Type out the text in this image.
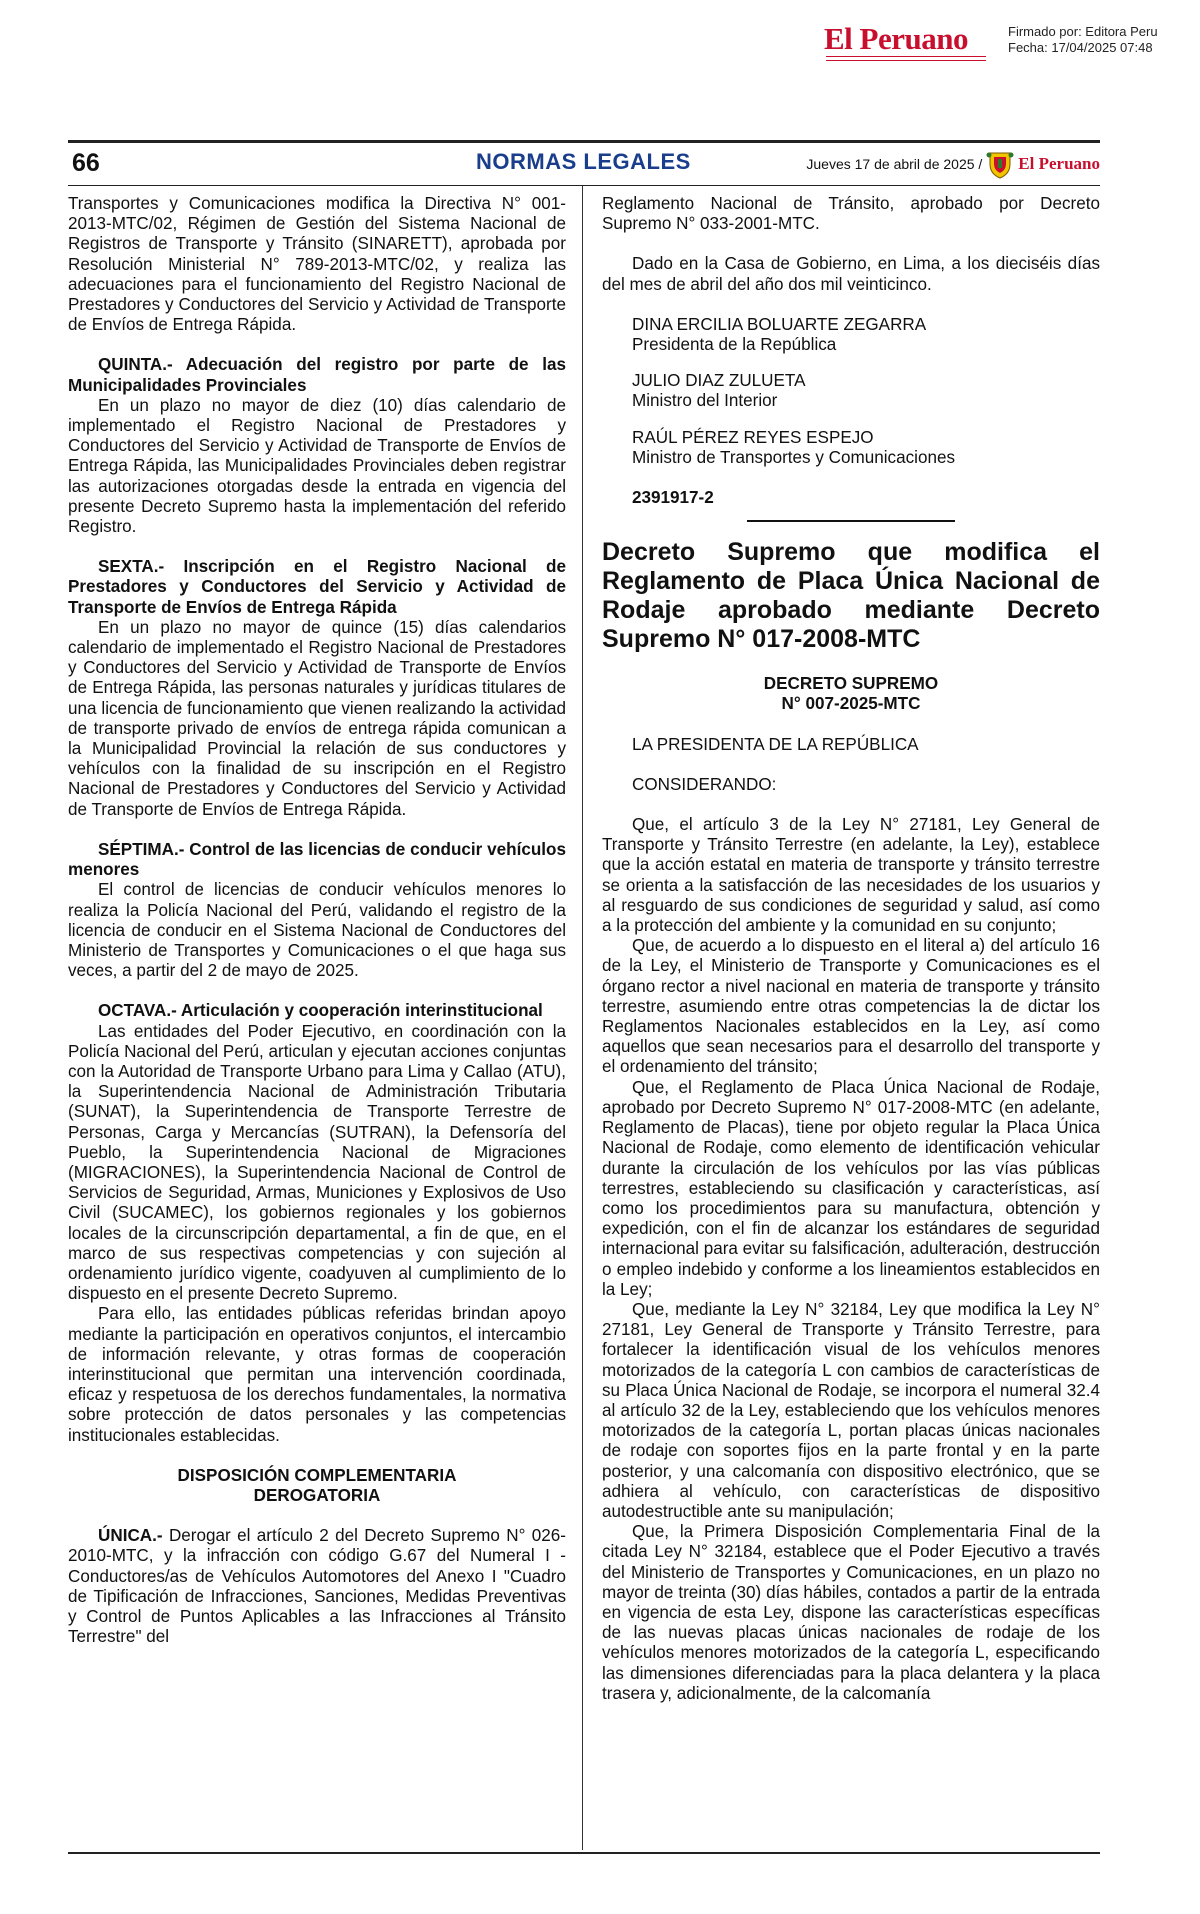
El Peruano	Firmado por: Editora Peru
Fecha: 17/04/2025 07:48
66	NORMAS LEGALES	Jueves 17 de abril de 2025 / El Peruano

Transportes y Comunicaciones modifica la Directiva N° 001-2013-MTC/02, Régimen de Gestión del Sistema Nacional de Registros de Transporte y Tránsito (SINARETT), aprobada por Resolución Ministerial N° 789-2013-MTC/02, y realiza las adecuaciones para el funcionamiento del Registro Nacional de Prestadores y Conductores del Servicio y Actividad de Transporte de Envíos de Entrega Rápida.

QUINTA.- Adecuación del registro por parte de las Municipalidades Provinciales

En un plazo no mayor de diez (10) días calendario de implementado el Registro Nacional de Prestadores y Conductores del Servicio y Actividad de Transporte de Envíos de Entrega Rápida, las Municipalidades Provinciales deben registrar las autorizaciones otorgadas desde la entrada en vigencia del presente Decreto Supremo hasta la implementación del referido Registro.

SEXTA.- Inscripción en el Registro Nacional de Prestadores y Conductores del Servicio y Actividad de Transporte de Envíos de Entrega Rápida

En un plazo no mayor de quince (15) días calendarios calendario de implementado el Registro Nacional de Prestadores y Conductores del Servicio y Actividad de Transporte de Envíos de Entrega Rápida, las personas naturales y jurídicas titulares de una licencia de funcionamiento que vienen realizando la actividad de transporte privado de envíos de entrega rápida comunican a la Municipalidad Provincial la relación de sus conductores y vehículos con la finalidad de su inscripción en el Registro Nacional de Prestadores y Conductores del Servicio y Actividad de Transporte de Envíos de Entrega Rápida.

SÉPTIMA.- Control de las licencias de conducir vehículos menores

El control de licencias de conducir vehículos menores lo realiza la Policía Nacional del Perú, validando el registro de la licencia de conducir en el Sistema Nacional de Conductores del Ministerio de Transportes y Comunicaciones o el que haga sus veces, a partir del 2 de mayo de 2025.

OCTAVA.- Articulación y cooperación interinstitucional

Las entidades del Poder Ejecutivo, en coordinación con la Policía Nacional del Perú, articulan y ejecutan acciones conjuntas con la Autoridad de Transporte Urbano para Lima y Callao (ATU), la Superintendencia Nacional de Administración Tributaria (SUNAT), la Superintendencia de Transporte Terrestre de Personas, Carga y Mercancías (SUTRAN), la Defensoría del Pueblo, la Superintendencia Nacional de Migraciones (MIGRACIONES), la Superintendencia Nacional de Control de Servicios de Seguridad, Armas, Municiones y Explosivos de Uso Civil (SUCAMEC), los gobiernos regionales y los gobiernos locales de la circunscripción departamental, a fin de que, en el marco de sus respectivas competencias y con sujeción al ordenamiento jurídico vigente, coadyuven al cumplimiento de lo dispuesto en el presente Decreto Supremo.

Para ello, las entidades públicas referidas brindan apoyo mediante la participación en operativos conjuntos, el intercambio de información relevante, y otras formas de cooperación interinstitucional que permitan una intervención coordinada, eficaz y respetuosa de los derechos fundamentales, la normativa sobre protección de datos personales y las competencias institucionales establecidas.

DISPOSICIÓN COMPLEMENTARIA

DEROGATORIA

ÚNICA.- Derogar el artículo 2 del Decreto Supremo N° 026-2010-MTC, y la infracción con código G.67 del Numeral I - Conductores/as de Vehículos Automotores del Anexo I "Cuadro de Tipificación de Infracciones, Sanciones, Medidas Preventivas y Control de Puntos Aplicables a las Infracciones al Tránsito Terrestre" del

Reglamento Nacional de Tránsito, aprobado por Decreto Supremo N° 033-2001-MTC.

Dado en la Casa de Gobierno, en Lima, a los dieciséis días del mes de abril del año dos mil veinticinco.

DINA ERCILIA BOLUARTE ZEGARRA
Presidenta de la República
JULIO DIAZ ZULUETA
Ministro del Interior
RAÚL PÉREZ REYES ESPEJO
Ministro de Transportes y Comunicaciones

2391917-2

Decreto Supremo que modifica el Reglamento de Placa Única Nacional de Rodaje aprobado mediante Decreto Supremo N° 017-2008-MTC

DECRETO SUPREMO

N° 007-2025-MTC

LA PRESIDENTA DE LA REPÚBLICA

CONSIDERANDO:

Que, el artículo 3 de la Ley N° 27181, Ley General de Transporte y Tránsito Terrestre (en adelante, la Ley), establece que la acción estatal en materia de transporte y tránsito terrestre se orienta a la satisfacción de las necesidades de los usuarios y al resguardo de sus condiciones de seguridad y salud, así como a la protección del ambiente y la comunidad en su conjunto;

Que, de acuerdo a lo dispuesto en el literal a) del artículo 16 de la Ley, el Ministerio de Transporte y Comunicaciones es el órgano rector a nivel nacional en materia de transporte y tránsito terrestre, asumiendo entre otras competencias la de dictar los Reglamentos Nacionales establecidos en la Ley, así como aquellos que sean necesarios para el desarrollo del transporte y el ordenamiento del tránsito;

Que, el Reglamento de Placa Única Nacional de Rodaje, aprobado por Decreto Supremo N° 017-2008-MTC (en adelante, Reglamento de Placas), tiene por objeto regular la Placa Única Nacional de Rodaje, como elemento de identificación vehicular durante la circulación de los vehículos por las vías públicas terrestres, estableciendo su clasificación y características, así como los procedimientos para su manufactura, obtención y expedición, con el fin de alcanzar los estándares de seguridad internacional para evitar su falsificación, adulteración, destrucción o empleo indebido y conforme a los lineamientos establecidos en la Ley;

Que, mediante la Ley N° 32184, Ley que modifica la Ley N° 27181, Ley General de Transporte y Tránsito Terrestre, para fortalecer la identificación visual de los vehículos menores motorizados de la categoría L con cambios de características de su Placa Única Nacional de Rodaje, se incorpora el numeral 32.4 al artículo 32 de la Ley, estableciendo que los vehículos menores motorizados de la categoría L, portan placas únicas nacionales de rodaje con soportes fijos en la parte frontal y en la parte posterior, y una calcomanía con dispositivo electrónico, que se adhiera al vehículo, con características de dispositivo autodestructible ante su manipulación;

Que, la Primera Disposición Complementaria Final de la citada Ley N° 32184, establece que el Poder Ejecutivo a través del Ministerio de Transportes y Comunicaciones, en un plazo no mayor de treinta (30) días hábiles, contados a partir de la entrada en vigencia de esta Ley, dispone las características específicas de las nuevas placas únicas nacionales de rodaje de los vehículos menores motorizados de la categoría L, especificando las dimensiones diferenciadas para la placa delantera y la placa trasera y, adicionalmente, de la calcomanía
